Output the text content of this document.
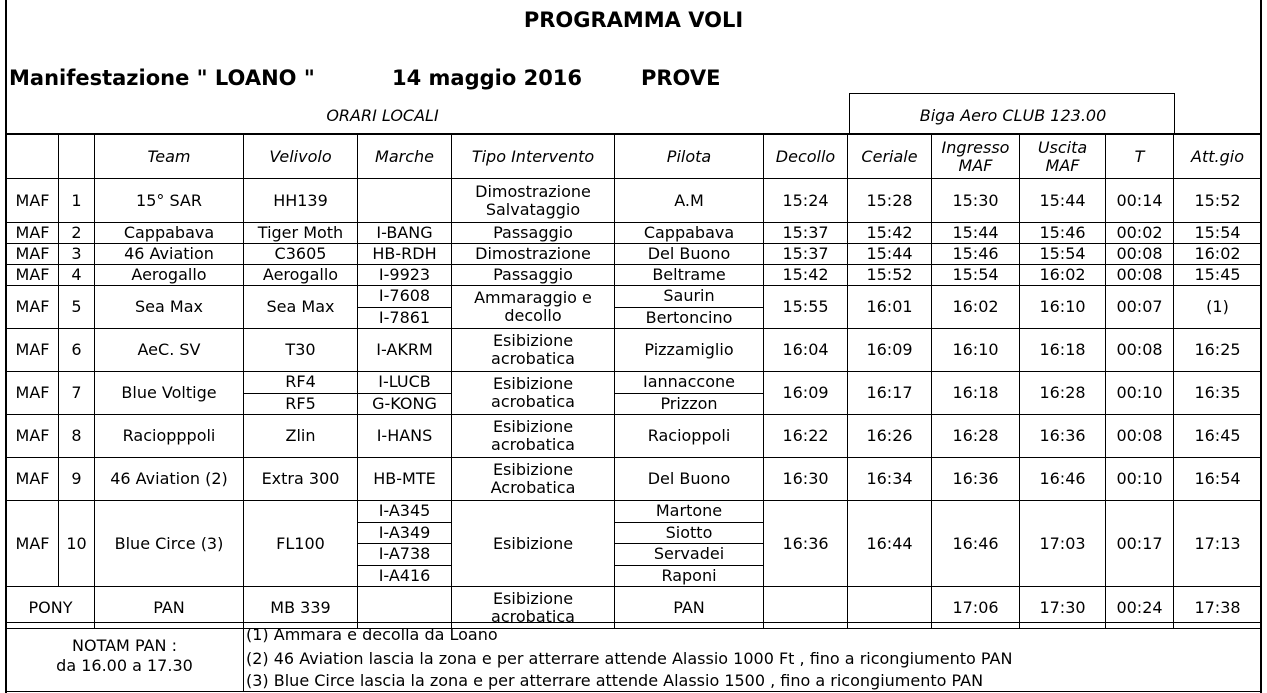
PROGRAMMA VOLI
Manifestazione " LOANO "	14 maggio 2016	PROVE
ORARI LOCALI	Biga Aero CLUB 123.00
		Team	Velivolo	Marche	Tipo Intervento	Pilota	Decollo	Ceriale	Ingresso MAF	Uscita MAF	T	Att.gio
MAF	1	15° SAR	HH139		Dimostrazione Salvataggio	A.M	15:24	15:28	15:30	15:44	00:14	15:52
MAF	2	Cappabava	Tiger Moth	I-BANG	Passaggio	Cappabava	15:37	15:42	15:44	15:46	00:02	15:54
MAF	3	46 Aviation	C3605	HB-RDH	Dimostrazione	Del Buono	15:37	15:44	15:46	15:54	00:08	16:02
MAF	4	Aerogallo	Aerogallo	I-9923	Passaggio	Beltrame	15:42	15:52	15:54	16:02	00:08	15:45
MAF	5	Sea Max	Sea Max	I-7608	Ammaraggio e decollo	Saurin	15:55	16:01	16:02	16:10	00:07	(1)
				I-7861		Bertoncino						
MAF	6	AeC. SV	T30	I-AKRM	Esibizione acrobatica	Pizzamiglio	16:04	16:09	16:10	16:18	00:08	16:25
MAF	7	Blue Voltige	RF4	I-LUCB	Esibizione acrobatica	Iannaccone	16:09	16:17	16:18	16:28	00:10	16:35
			RF5	G-KONG		Prizzon						
MAF	8	Raciopppoli	Zlin	I-HANS	Esibizione acrobatica	Racioppoli	16:22	16:26	16:28	16:36	00:08	16:45
MAF	9	46 Aviation (2)	Extra 300	HB-MTE	Esibizione Acrobatica	Del Buono	16:30	16:34	16:36	16:46	00:10	16:54
MAF	10	Blue Circe (3)	FL100	I-A345	Esibizione	Martone	16:36	16:44	16:46	17:03	00:17	17:13
				I-A349		Siotto						
				I-A738		Servadei						
				I-A416		Raponi						
PONY		PAN	MB 339		Esibizione acrobatica	PAN			17:06	17:30	00:24	17:38
NOTAM PAN :
da 16.00 a 17.30
(1) Ammara e decolla da Loano
(2) 46 Aviation lascia la zona e per atterrare attende Alassio 1000 Ft , fino a ricongiumento PAN
(3) Blue Circe lascia la zona e per atterrare attende Alassio 1500 , fino a ricongiumento PAN
